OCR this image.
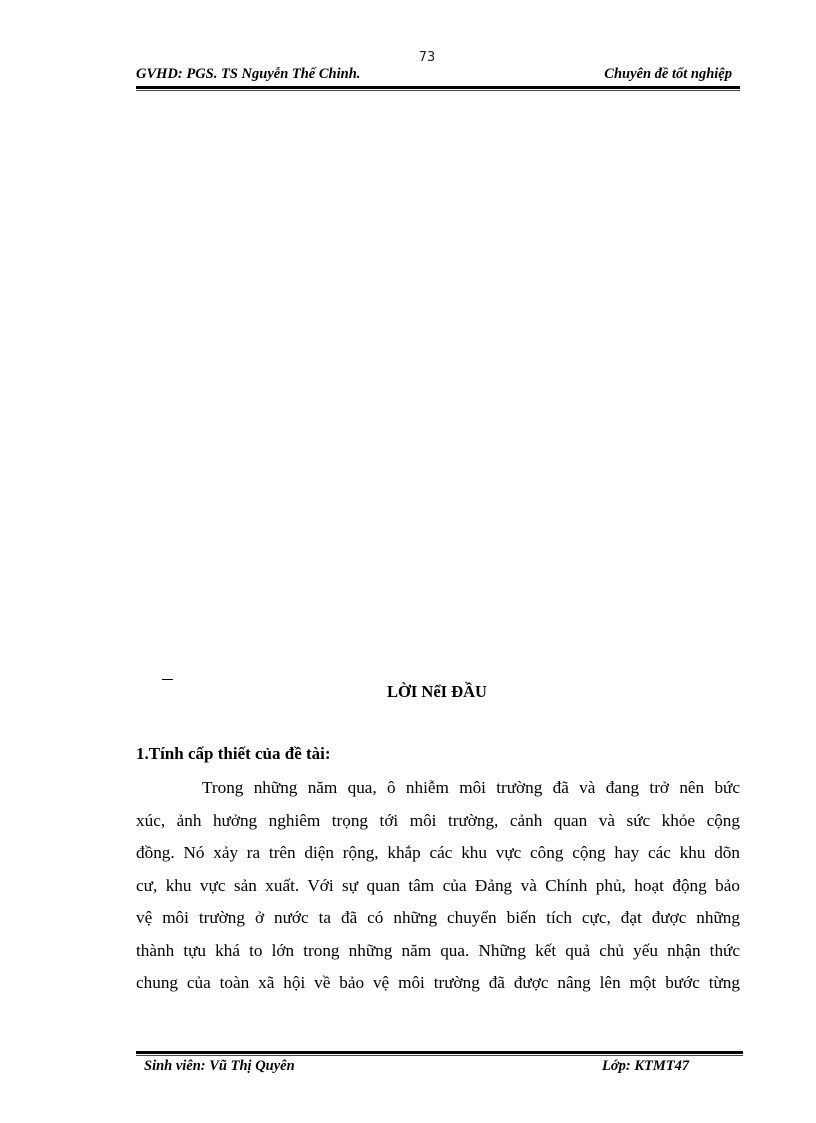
73
GVHD: PGS. TS Nguyễn Thế Chinh.	Chuyên đề tốt nghiệp
LỜI NểI ĐẦU
1.Tính cấp thiết của đề tài:
Trong những năm qua, ô nhiễm môi trường đã và đang trở nên bức
xúc, ảnh hưởng nghiêm trọng tới môi trường, cảnh quan và sức khỏe cộng
đồng. Nó xảy ra trên diện rộng, khắp các khu vực công cộng hay các khu dõn
cư, khu vực sản xuất. Với sự quan tâm của Đảng và Chính phủ, hoạt động bảo
vệ môi trường ở nước ta đã có những chuyển biến tích cực, đạt được những
thành tựu khá to lớn trong những năm qua. Những kết quả chủ yếu nhận thức
chung của toàn xã hội về bảo vệ môi trường đã được nâng lên một bước từng
Sinh viên: Vũ Thị Quyên	Lớp: KTMT47
